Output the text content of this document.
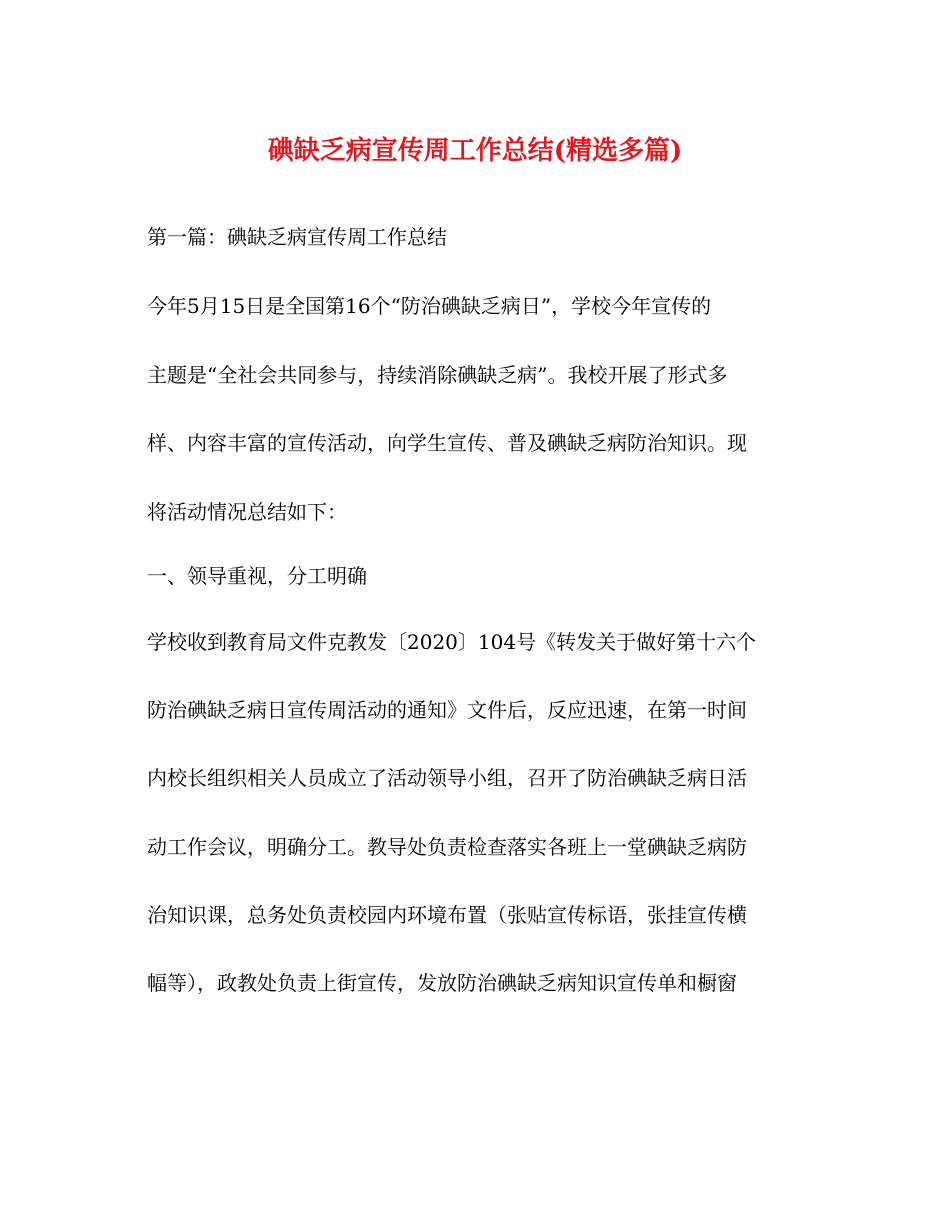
碘缺乏病宣传周工作总结(精选多篇)
第一篇：碘缺乏病宣传周工作总结
今年5月15日是全国第16个“防治碘缺乏病日”，学校今年宣传的
主题是“全社会共同参与，持续消除碘缺乏病”。我校开展了形式多
样、内容丰富的宣传活动，向学生宣传、普及碘缺乏病防治知识。现
将活动情况总结如下：
一、领导重视，分工明确
学校收到教育局文件克教发〔2020〕104号《转发关于做好第十六个
防治碘缺乏病日宣传周活动的通知》文件后，反应迅速，在第一时间
内校长组织相关人员成立了活动领导小组，召开了防治碘缺乏病日活
动工作会议，明确分工。教导处负责检查落实各班上一堂碘缺乏病防
治知识课，总务处负责校园内环境布置（张贴宣传标语，张挂宣传横
幅等），政教处负责上街宣传，发放防治碘缺乏病知识宣传单和橱窗
